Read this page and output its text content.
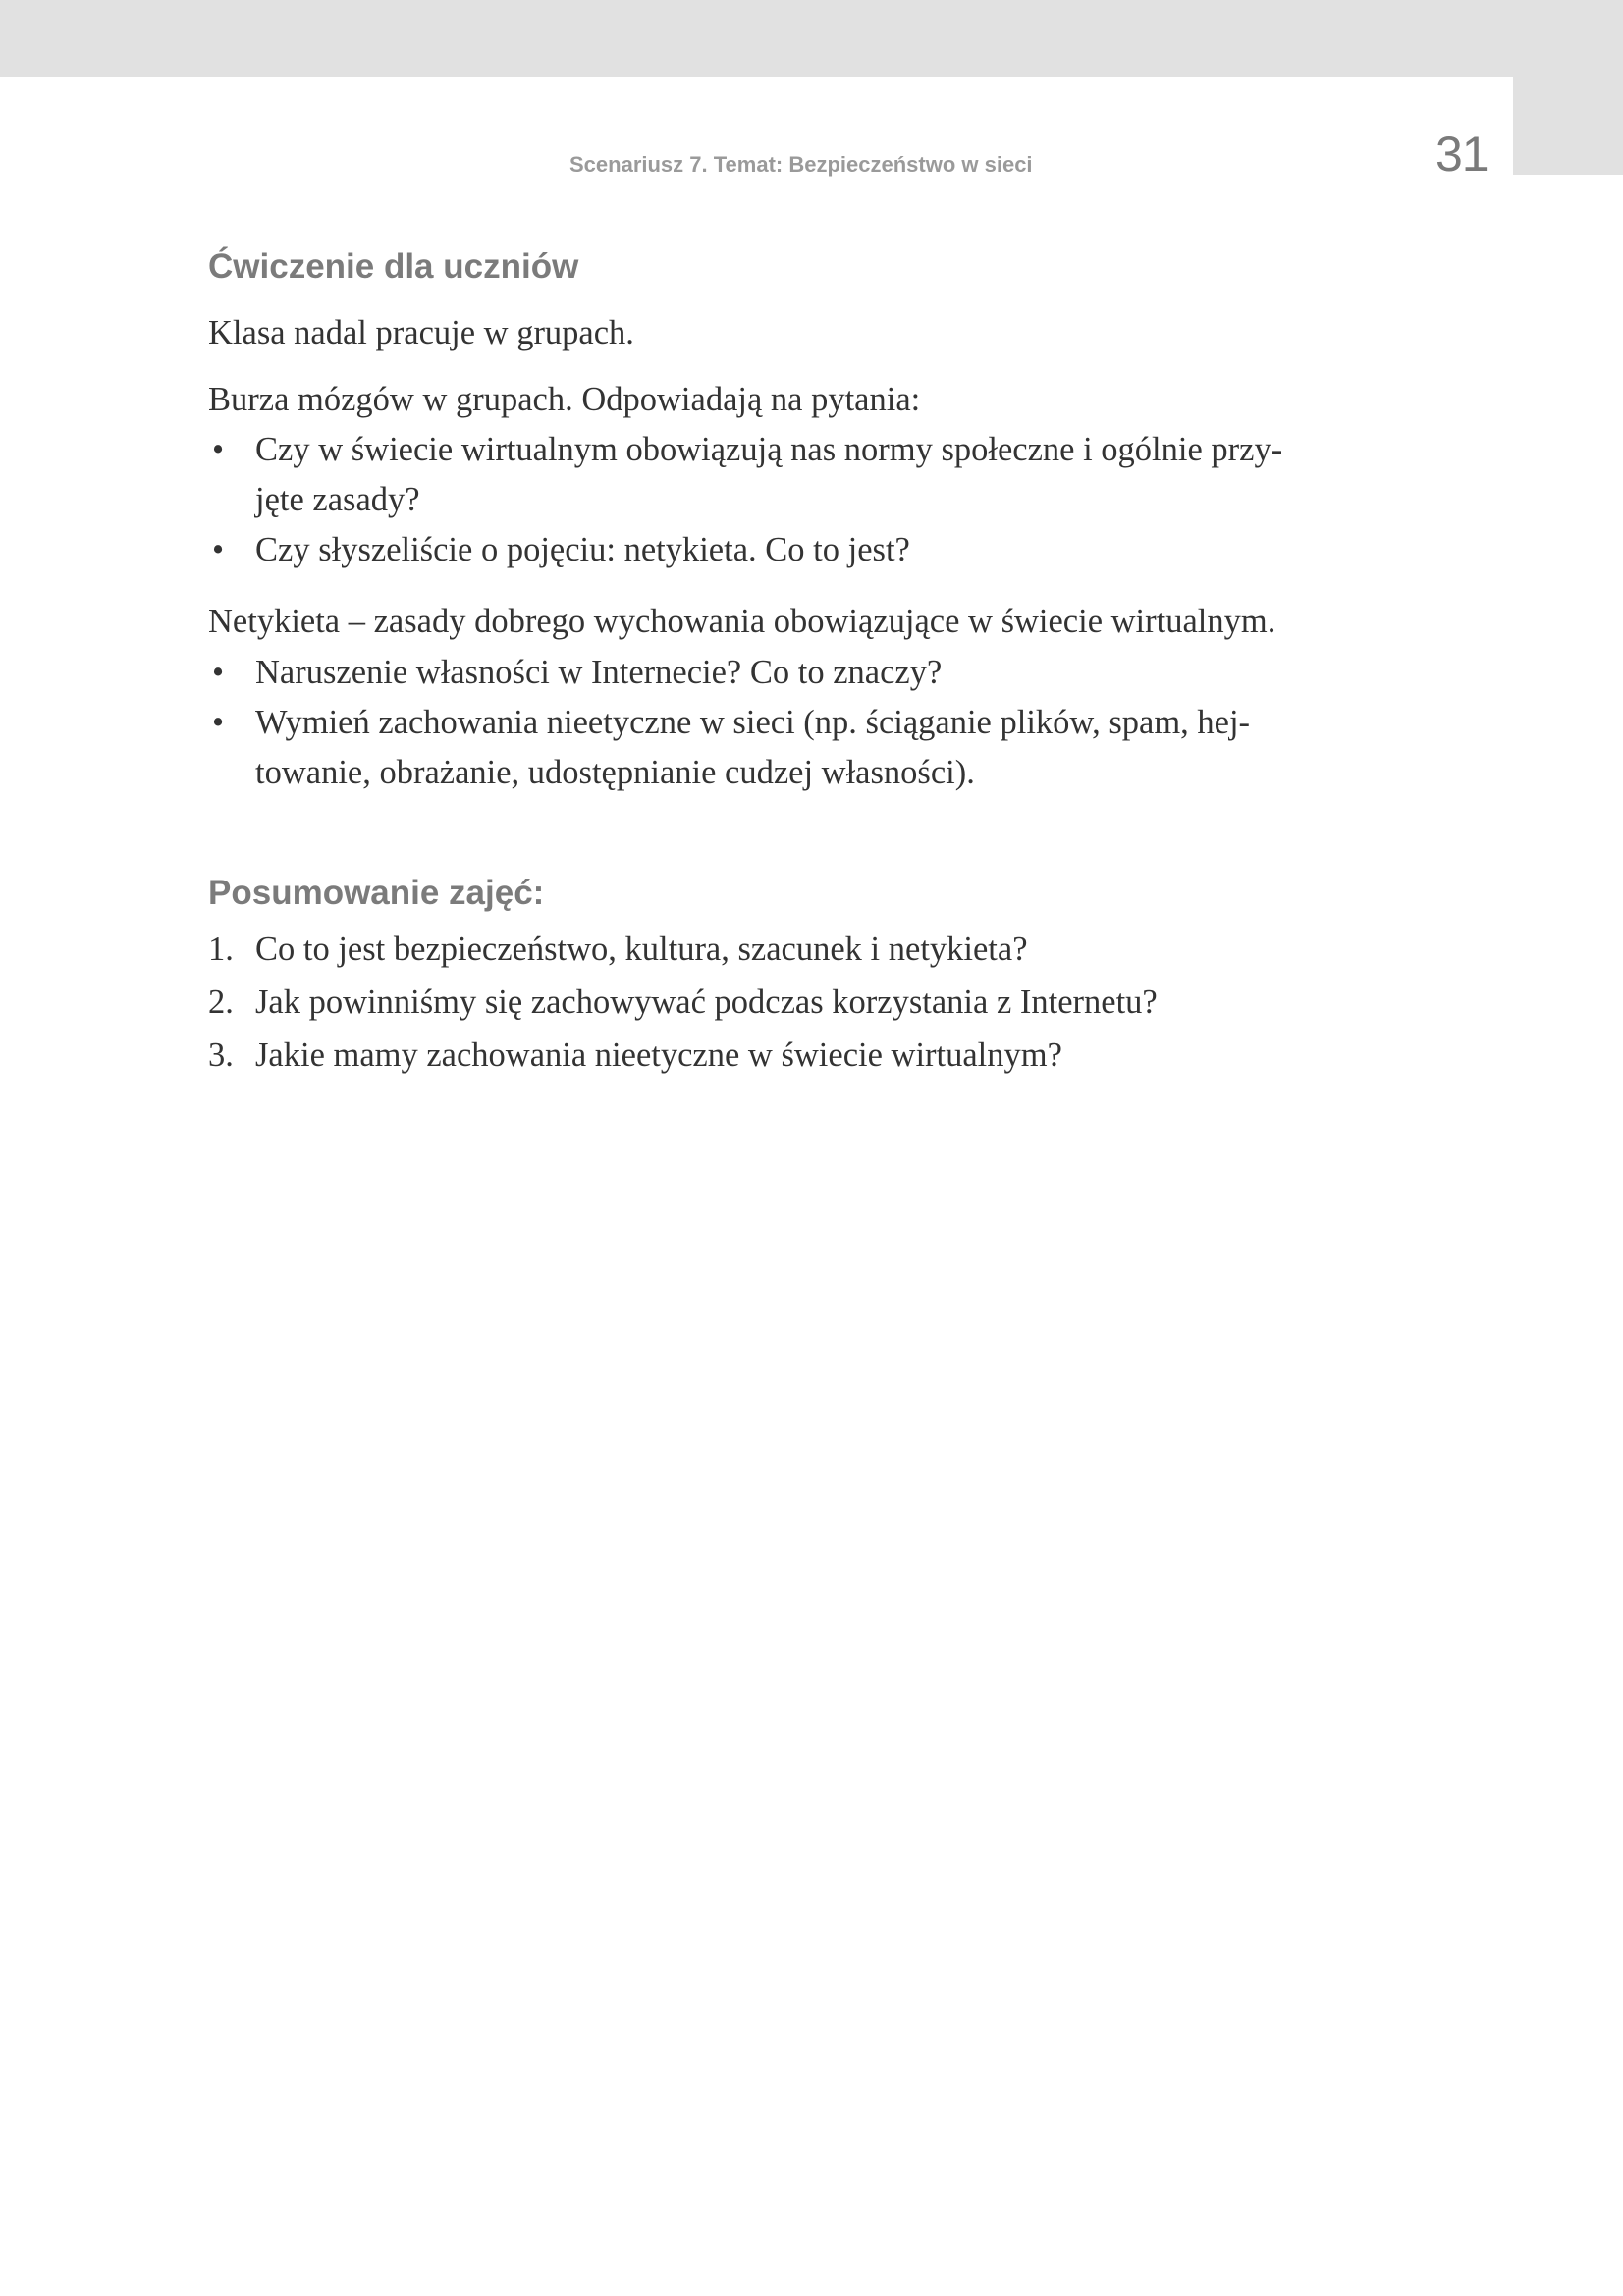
Scenariusz 7. Temat: Bezpieczeństwo w sieci	31
Ćwiczenie dla uczniów

Klasa nadal pracuje w grupach.

Burza mózgów w grupach. Odpowiadają na pytania:

• Czy w świecie wirtualnym obowiązują nas normy społeczne i ogólnie przy-
jęte zasady?
• Czy słyszeliście o pojęciu: netykieta. Co to jest?

Netykieta – zasady dobrego wychowania obowiązujące w świecie wirtualnym.

• Naruszenie własności w Internecie? Co to znaczy?
• Wymień zachowania nieetyczne w sieci (np. ściąganie plików, spam, hej-
towanie, obrażanie, udostępnianie cudzej własności).
Posumowanie zajęć:
1. Co to jest bezpieczeństwo, kultura, szacunek i netykieta?
2. Jak powinniśmy się zachowywać podczas korzystania z Internetu?
3. Jakie mamy zachowania nieetyczne w świecie wirtualnym?
